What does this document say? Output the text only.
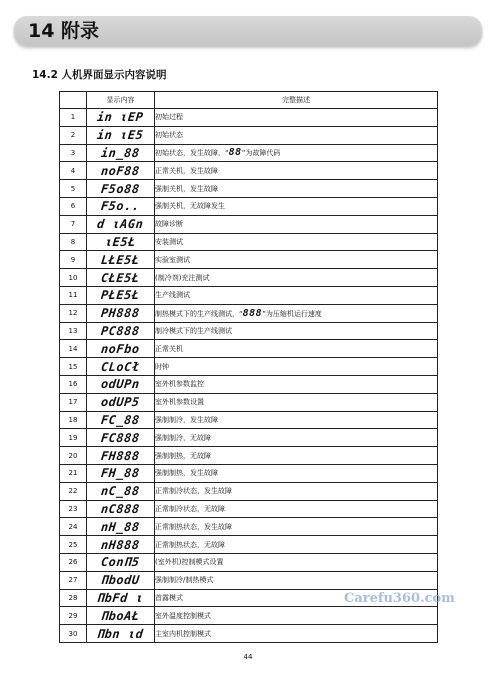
14 附录
14.2 人机界面显示内容说明
	显示内容	完整描述
1	in ιEP	初始过程
2	in ιE5	初始状态
3	in_88	初始状态，发生故障，“88”为故障代码
4	noF88	正常关机，发生故障
5	F5o88	强制关机，发生故障
6	F5o..	强制关机，无故障发生
7	d ιAGn	故障诊断
8	ιE5Ł	安装测试
9	LŁE5Ł	实验室测试
10	CŁE5Ł	(制冷剂)充注测试
11	PŁE5Ł	生产线测试
12	PH888	制热模式下的生产线测试，“888”为压缩机运行速度
13	PC888	制冷模式下的生产线测试
14	noFbo	正常关机
15	CLoCł	时钟
16	odUPn	室外机参数监控
17	odUP5	室外机参数设置
18	FC_88	强制制冷，发生故障
19	FC888	强制制冷，无故障
20	FH888	强制制热，无故障
21	FH_88	强制制热，发生故障
22	nC_88	正常制冷状态，发生故障
23	nC888	正常制冷状态，无故障
24	nH_88	正常制热状态，发生故障
25	nH888	正常制热状态，无故障
26	ConΠ5	(室外机)控制模式设置
27	ΠbodU	强制制冷/制热模式
28	ΠbFd ι	首露模式
29	ΠboAŁ	室外温度控制模式
30	Πbn ιd	主室内机控制模式
Carefu360.com
44
